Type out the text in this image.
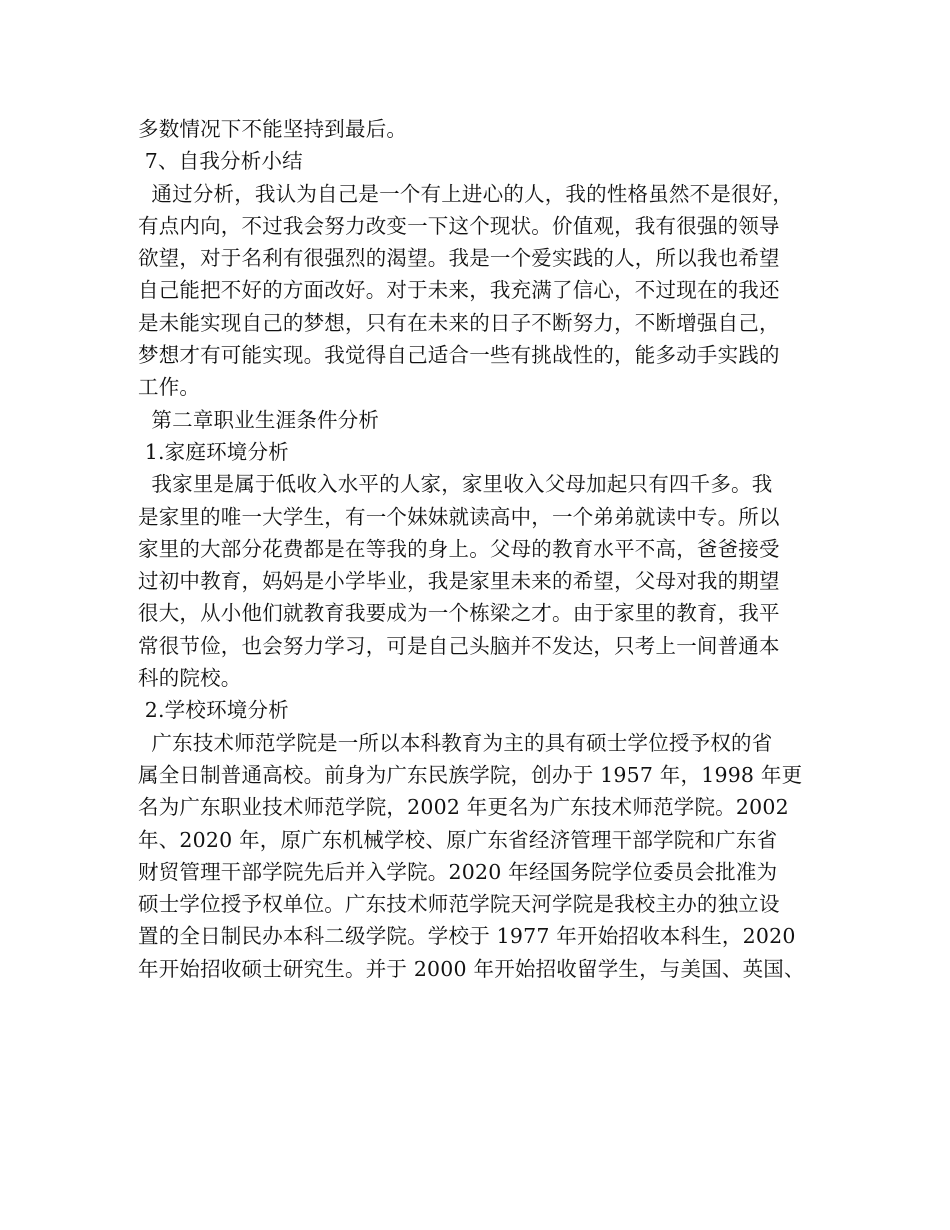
多数情况下不能坚持到最后。
7、自我分析小结
通过分析，我认为自己是一个有上进心的人，我的性格虽然不是很好，
有点内向，不过我会努力改变一下这个现状。价值观，我有很强的领导
欲望，对于名利有很强烈的渴望。我是一个爱实践的人，所以我也希望
自己能把不好的方面改好。对于未来，我充满了信心，不过现在的我还
是未能实现自己的梦想，只有在未来的日子不断努力，不断增强自己，
梦想才有可能实现。我觉得自己适合一些有挑战性的，能多动手实践的
工作。
第二章职业生涯条件分析
1.家庭环境分析
我家里是属于低收入水平的人家，家里收入父母加起只有四千多。我
是家里的唯一大学生，有一个妹妹就读高中，一个弟弟就读中专。所以
家里的大部分花费都是在等我的身上。父母的教育水平不高，爸爸接受
过初中教育，妈妈是小学毕业，我是家里未来的希望，父母对我的期望
很大，从小他们就教育我要成为一个栋梁之才。由于家里的教育，我平
常很节俭，也会努力学习，可是自己头脑并不发达，只考上一间普通本
科的院校。
2.学校环境分析
广东技术师范学院是一所以本科教育为主的具有硕士学位授予权的省
属全日制普通高校。前身为广东民族学院，创办于 1957 年，1998 年更
名为广东职业技术师范学院，2002 年更名为广东技术师范学院。2002
年、2020 年，原广东机械学校、原广东省经济管理干部学院和广东省
财贸管理干部学院先后并入学院。2020 年经国务院学位委员会批准为
硕士学位授予权单位。广东技术师范学院天河学院是我校主办的独立设
置的全日制民办本科二级学院。学校于 1977 年开始招收本科生，2020
年开始招收硕士研究生。并于 2000 年开始招收留学生，与美国、英国、
